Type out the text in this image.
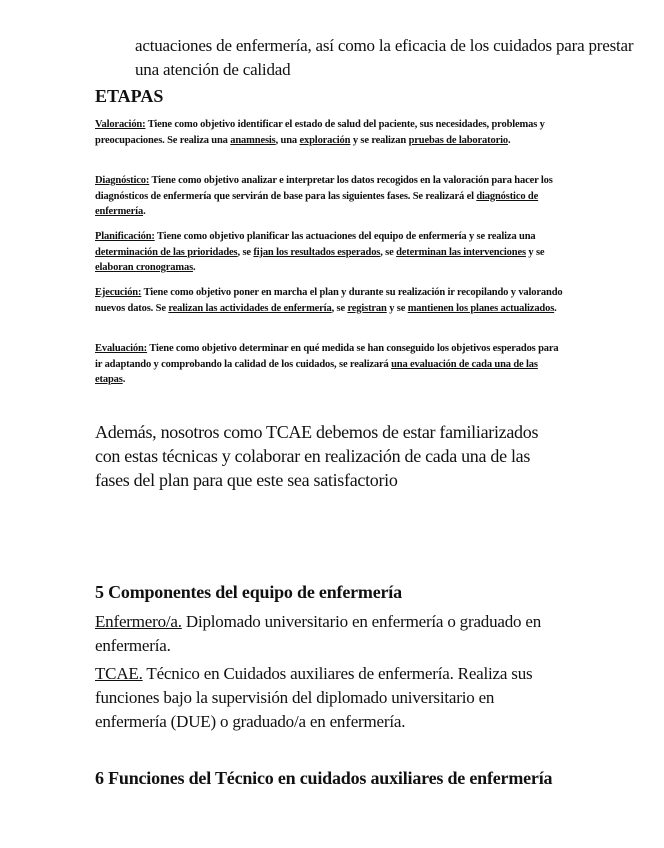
actuaciones de enfermería, así como la eficacia de los cuidados para prestar una atención de calidad
ETAPAS
Valoración: Tiene como objetivo identificar el estado de salud del paciente, sus necesidades, problemas y preocupaciones. Se realiza una anamnesis, una exploración y se realizan pruebas de laboratorio.
Diagnóstico: Tiene como objetivo analizar e interpretar los datos recogidos en la valoración para hacer los diagnósticos de enfermería que servirán de base para las siguientes fases. Se realizará el diagnóstico de enfermería.
Planificación: Tiene como objetivo planificar las actuaciones del equipo de enfermería y se realiza una determinación de las prioridades, se fijan los resultados esperados, se determinan las intervenciones y se elaboran cronogramas.
Ejecución: Tiene como objetivo poner en marcha el plan y durante su realización ir recopilando y valorando nuevos datos. Se realizan las actividades de enfermería, se registran y se mantienen los planes actualizados.
Evaluación: Tiene como objetivo determinar en qué medida se han conseguido los objetivos esperados para ir adaptando y comprobando la calidad de los cuidados, se realizará una evaluación de cada una de las etapas.
Además, nosotros como TCAE debemos de estar familiarizados con estas técnicas y colaborar en realización de cada una de las fases del plan para que este sea satisfactorio
5 Componentes del equipo de enfermería
Enfermero/a. Diplomado universitario en enfermería o graduado en enfermería.
TCAE. Técnico en Cuidados auxiliares de enfermería. Realiza sus funciones bajo la supervisión del diplomado universitario en enfermería (DUE) o graduado/a en enfermería.
6 Funciones del Técnico en cuidados auxiliares de enfermería
